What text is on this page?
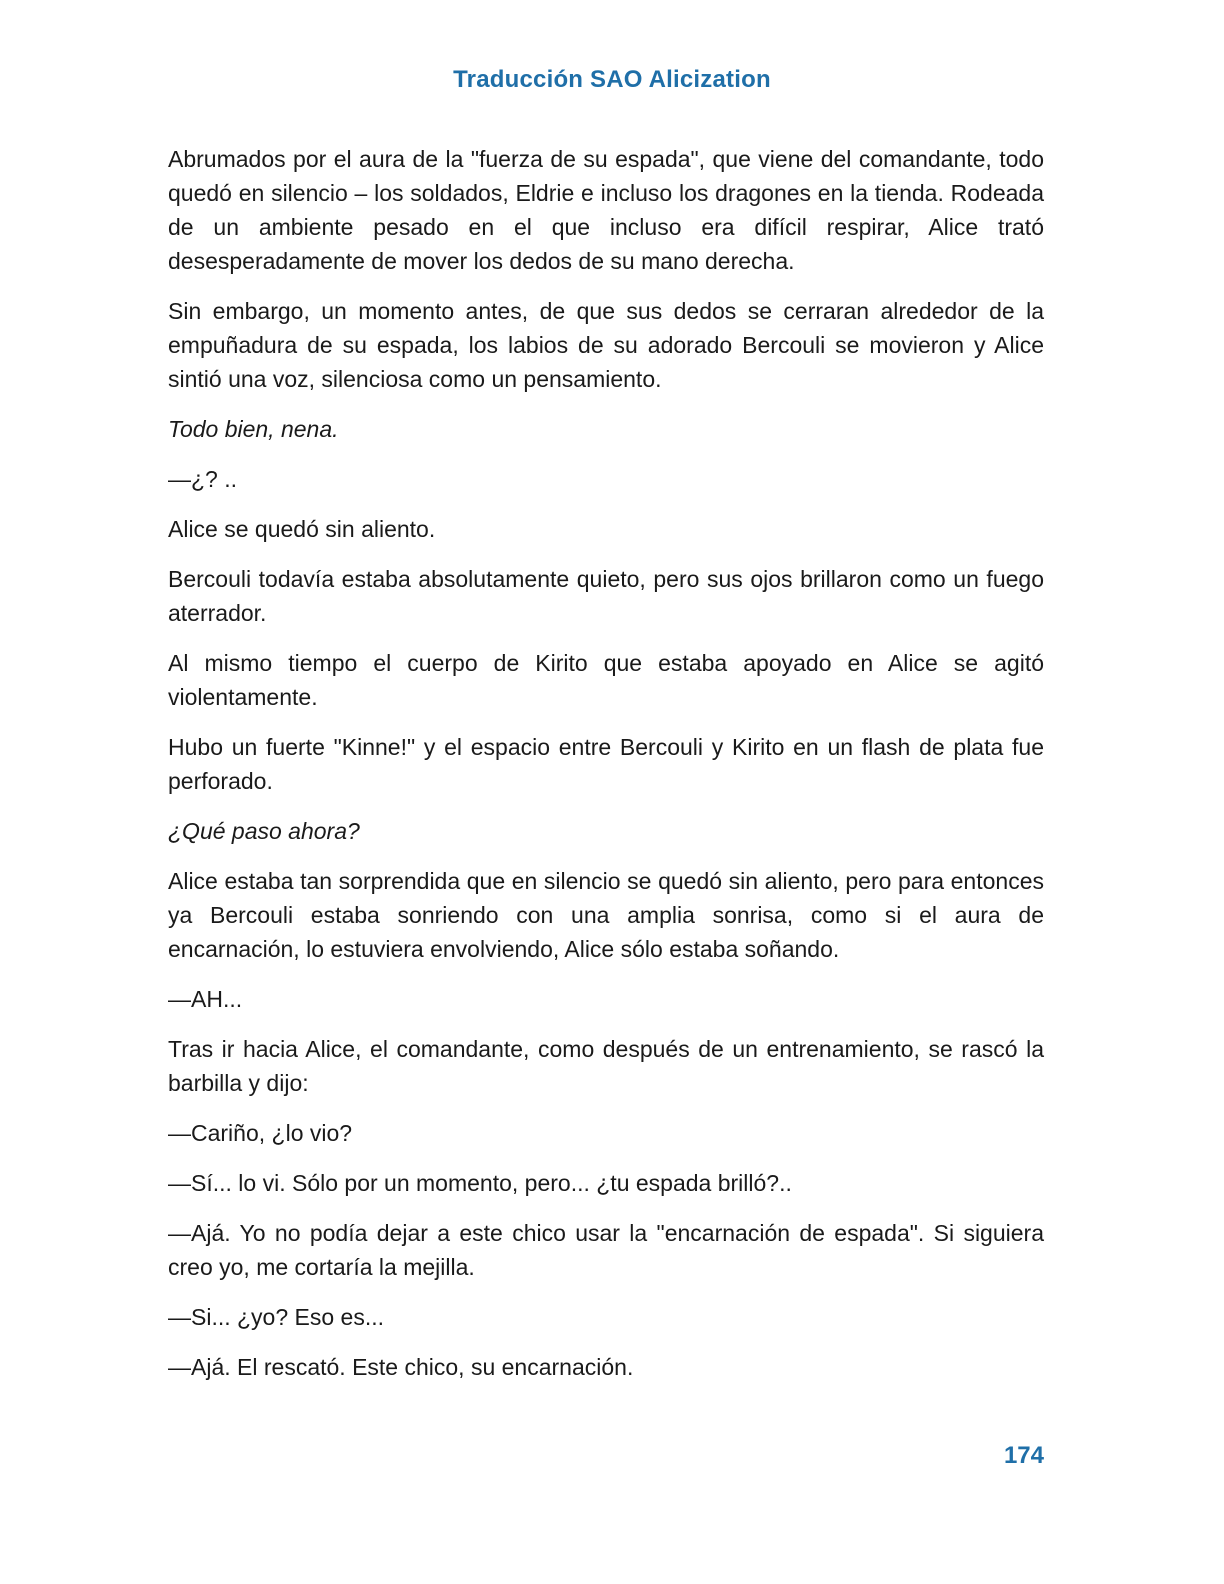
Traducción SAO Alicization

Abrumados por el aura de la "fuerza de su espada", que viene del comandante, todo quedó en silencio – los soldados, Eldrie e incluso los dragones en la tienda. Rodeada de un ambiente pesado en el que incluso era difícil respirar, Alice trató desesperadamente de mover los dedos de su mano derecha.

Sin embargo, un momento antes, de que sus dedos se cerraran alrededor de la empuñadura de su espada, los labios de su adorado Bercouli se movieron y Alice sintió una voz, silenciosa como un pensamiento.

Todo bien, nena.

—¿? ..

Alice se quedó sin aliento.

Bercouli todavía estaba absolutamente quieto, pero sus ojos brillaron como un fuego aterrador.

Al mismo tiempo el cuerpo de Kirito que estaba apoyado en Alice se agitó violentamente.

Hubo un fuerte "Kinne!" y el espacio entre Bercouli y Kirito en un flash de plata fue perforado.

¿Qué paso ahora?

Alice estaba tan sorprendida que en silencio se quedó sin aliento, pero para entonces ya Bercouli estaba sonriendo con una amplia sonrisa, como si el aura de encarnación, lo estuviera envolviendo, Alice sólo estaba soñando.

—AH...

Tras ir hacia Alice, el comandante, como después de un entrenamiento, se rascó la barbilla y dijo:

—Cariño, ¿lo vio?

—Sí... lo vi. Sólo por un momento, pero... ¿tu espada brilló?..

—Ajá. Yo no podía dejar a este chico usar la "encarnación de espada". Si siguiera creo yo, me cortaría la mejilla.

—Si... ¿yo? Eso es...

—Ajá. El rescató. Este chico, su encarnación.

174
